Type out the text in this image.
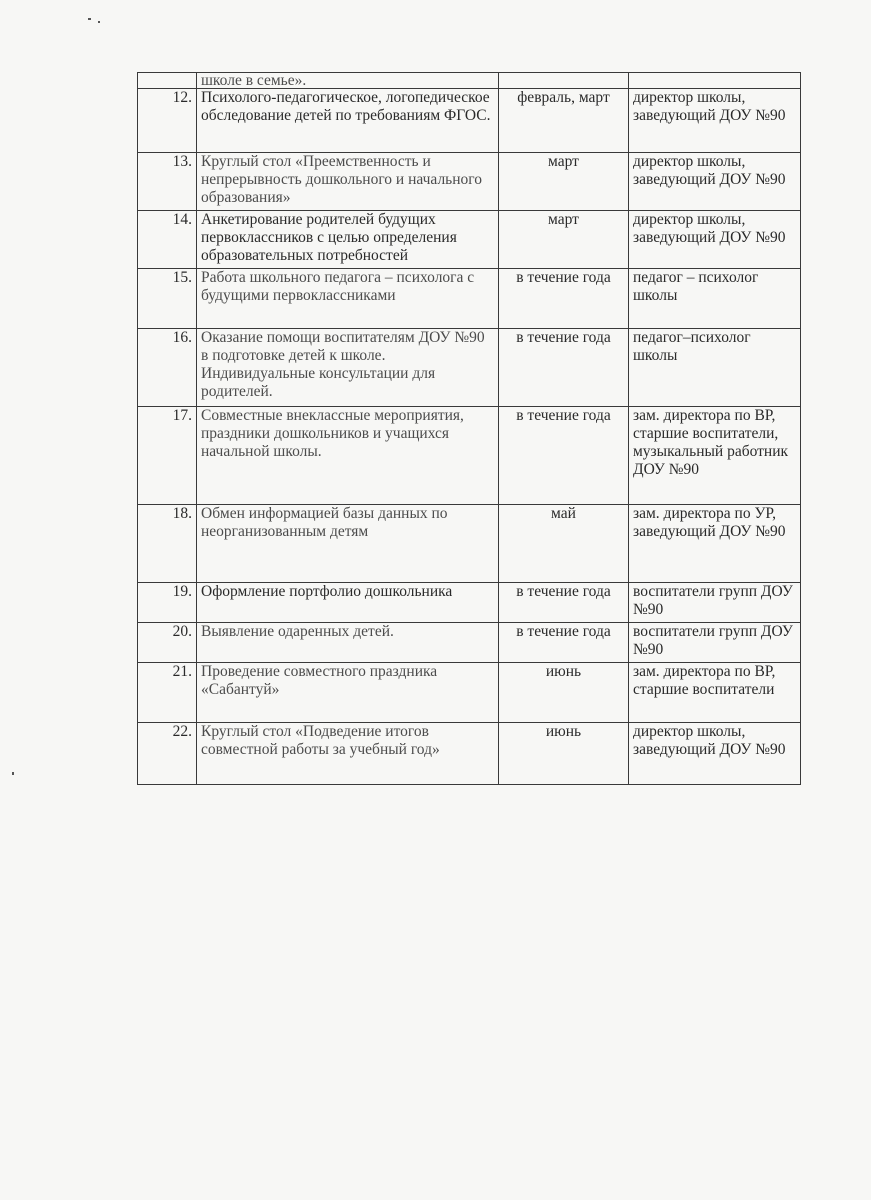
	школе в семье».		
12.	Психолого-педагогическое, логопедическое обследование детей по требованиям ФГОС.	февраль, март	директор школы, заведующий ДОУ №90
13.	Круглый стол «Преемственность и непрерывность дошкольного и начального образования»	март	директор школы, заведующий ДОУ №90
14.	Анкетирование родителей будущих первоклассников с целью определения образовательных потребностей	март	директор школы, заведующий ДОУ №90
15.	Работа школьного педагога – психолога с будущими первоклассниками	в течение года	педагог – психолог школы
16.	Оказание помощи воспитателям ДОУ №90 в подготовке детей к школе. Индивидуальные консультации для родителей.	в течение года	педагог–психолог школы
17.	Совместные внеклассные мероприятия, праздники дошкольников и учащихся начальной школы.	в течение года	зам. директора по ВР, старшие воспитатели, музыкальный работник ДОУ №90
18.	Обмен информацией базы данных по неорганизованным детям	май	зам. директора по УР, заведующий ДОУ №90
19.	Оформление портфолио дошкольника	в течение года	воспитатели групп ДОУ №90
20.	Выявление одаренных детей.	в течение года	воспитатели групп ДОУ №90
21.	Проведение совместного праздника «Сабантуй»	июнь	зам. директора по ВР, старшие воспитатели
22.	Круглый стол «Подведение итогов совместной работы за учебный год»	июнь	директор школы, заведующий ДОУ №90
